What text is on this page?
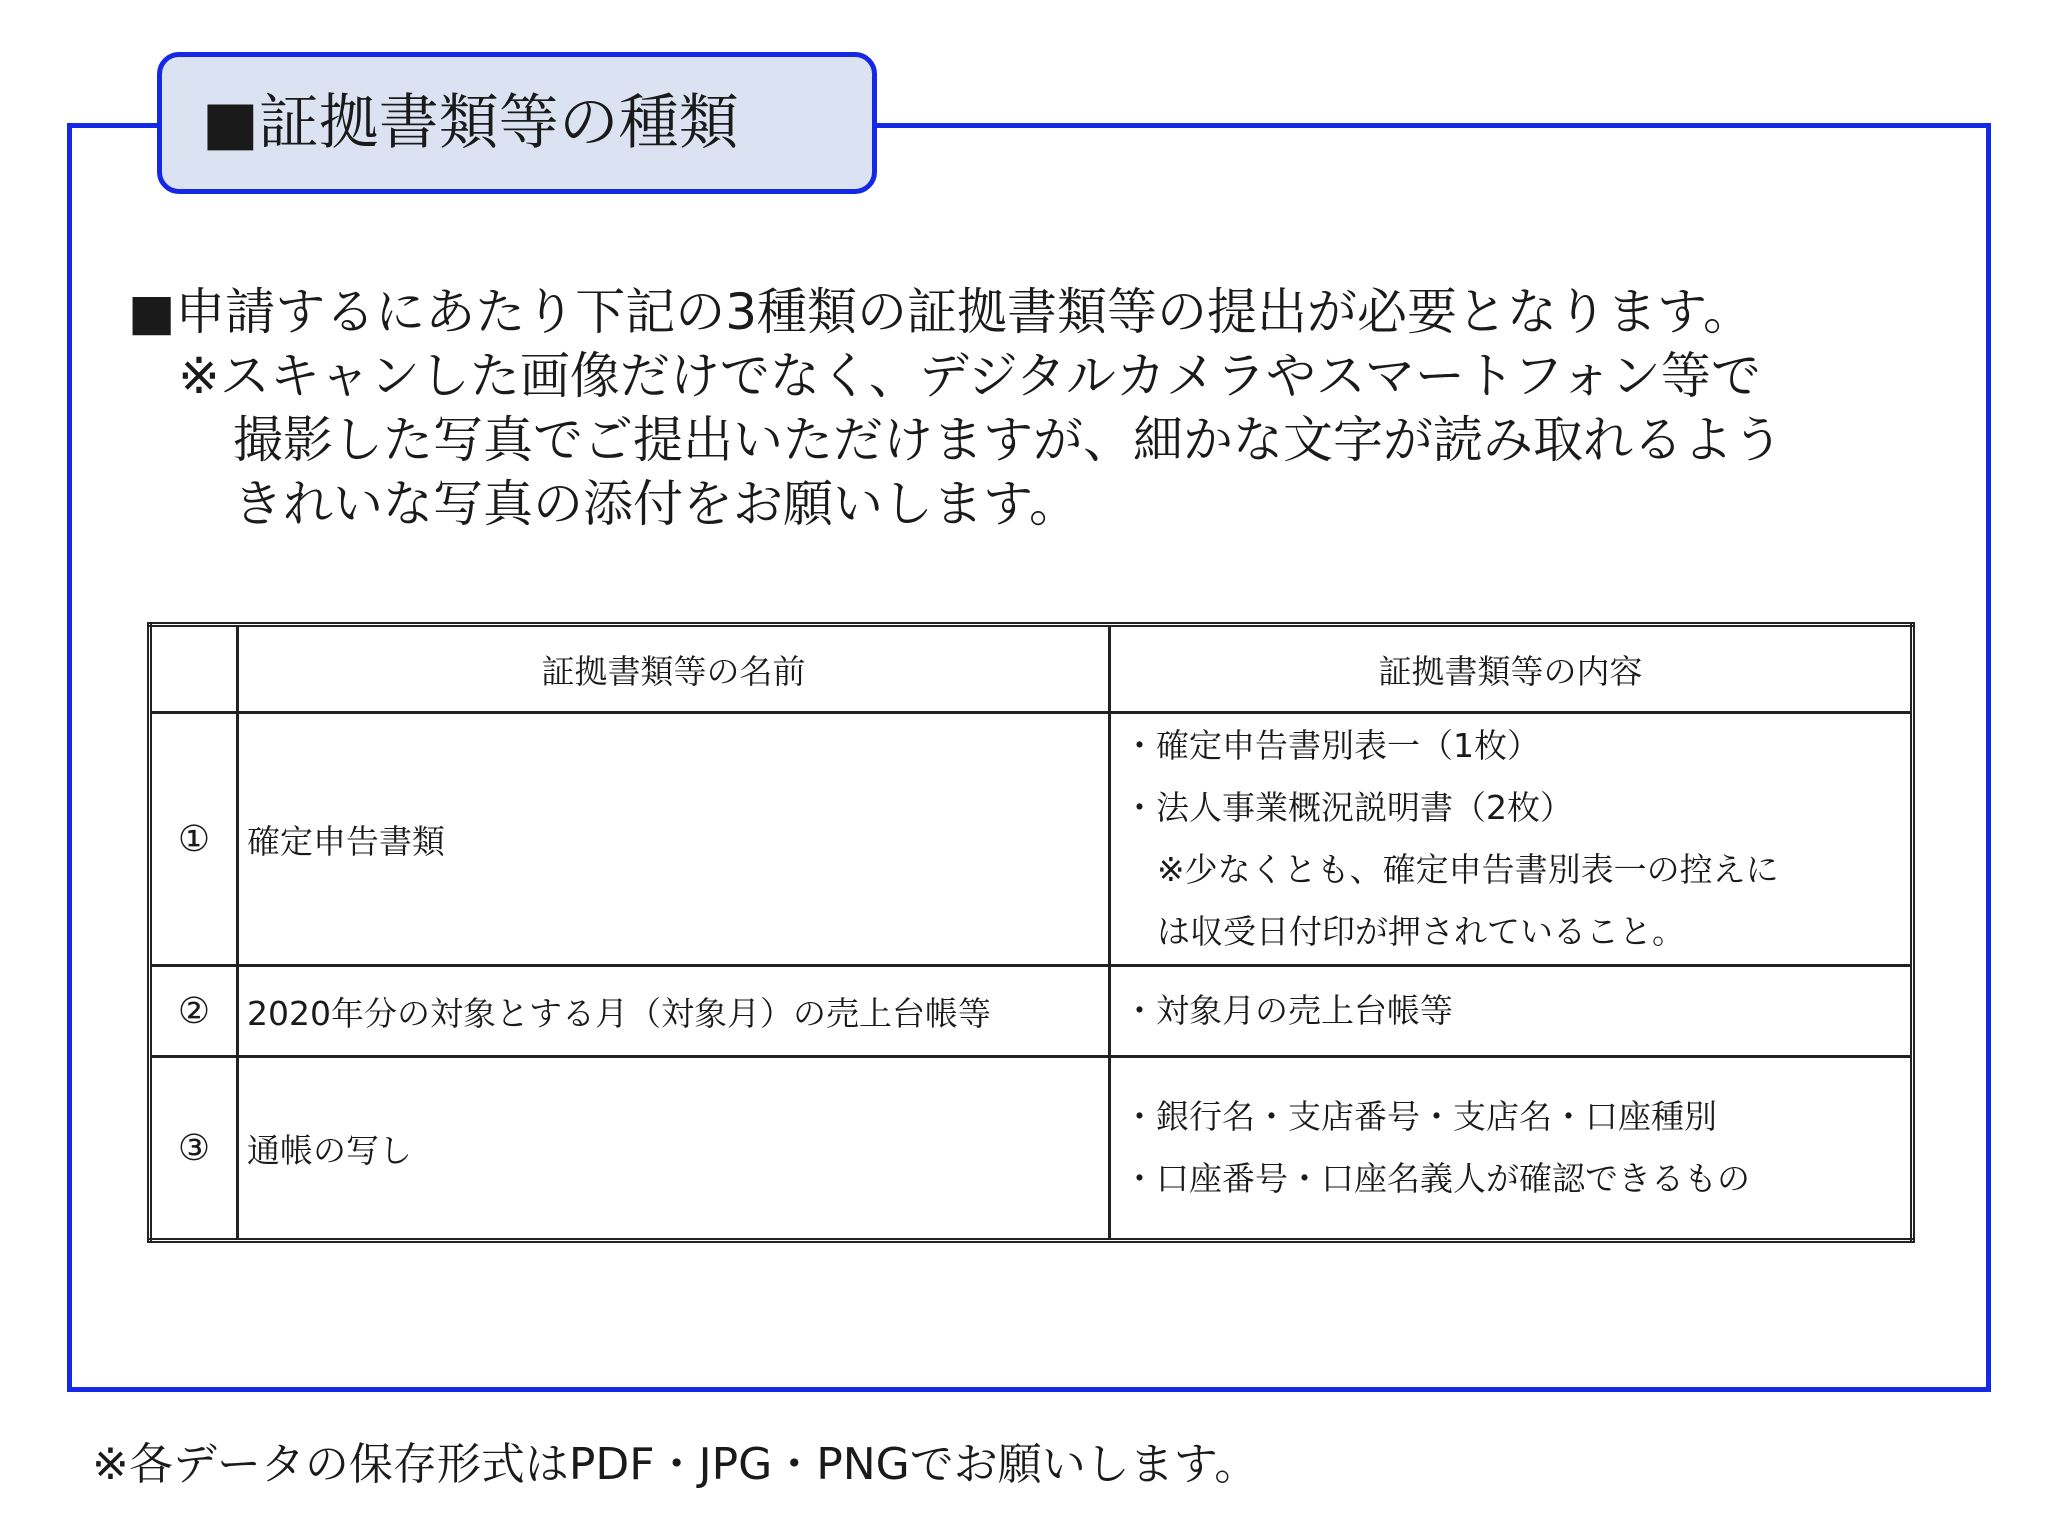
■証拠書類等の種類
■申請するにあたり下記の3種類の証拠書類等の提出が必要となります。
※スキャンした画像だけでなく、デジタルカメラやスマートフォン等で
撮影した写真でご提出いただけますが、細かな文字が読み取れるよう
きれいな写真の添付をお願いします。
	証拠書類等の名前	証拠書類等の内容
①	確定申告書類	・確定申告書別表一（1枚）
・法人事業概況説明書（2枚）
※少なくとも、確定申告書別表一の控えに
は収受日付印が押されていること。

②	2020年分の対象とする月（対象月）の売上台帳等	・対象月の売上台帳等

③	通帳の写し	・銀行名・支店番号・支店名・口座種別
・口座番号・口座名義人が確認できるもの
※各データの保存形式はPDF・JPG・PNGでお願いします。
